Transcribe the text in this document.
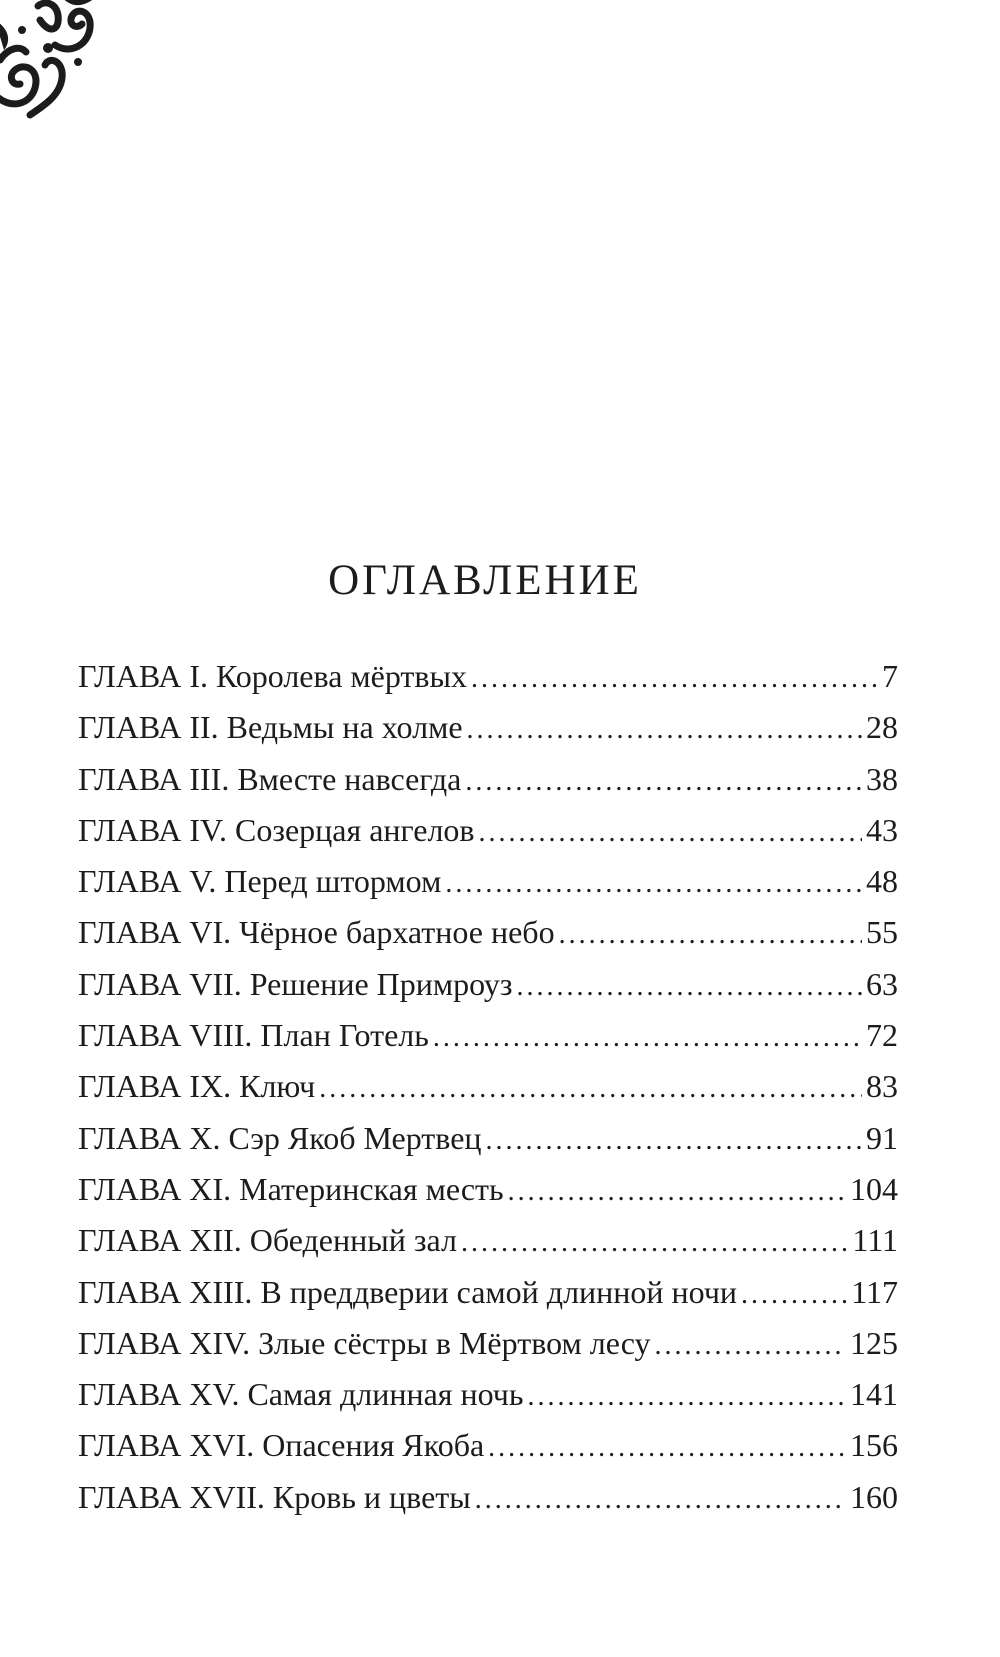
ОГЛАВЛЕНИЕ
ГЛАВА I. Королева мёртвых . . .	7
ГЛАВА II. Ведьмы на холме . . .	28
ГЛАВА III. Вместе навсегда . . .	38
ГЛАВА IV. Созерцая ангелов . . .	43
ГЛАВА V. Перед штормом . . .	48
ГЛАВА VI. Чёрное бархатное небо . . .	55
ГЛАВА VII. Решение Примроуз . . .	63
ГЛАВА VIII. План Готель . . .	72
ГЛАВА IX. Ключ . . .	83
ГЛАВА X. Сэр Якоб Мертвец . . .	91
ГЛАВА XI. Материнская месть . . .	104
ГЛАВА XII. Обеденный зал . . .	111
ГЛАВА XIII. В преддверии самой длинной ночи . . .	117
ГЛАВА XIV. Злые сёстры в Мёртвом лесу . . .	125
ГЛАВА XV. Самая длинная ночь . . .	141
ГЛАВА XVI. Опасения Якоба . . .	156
ГЛАВА XVII. Кровь и цветы . . .	160
